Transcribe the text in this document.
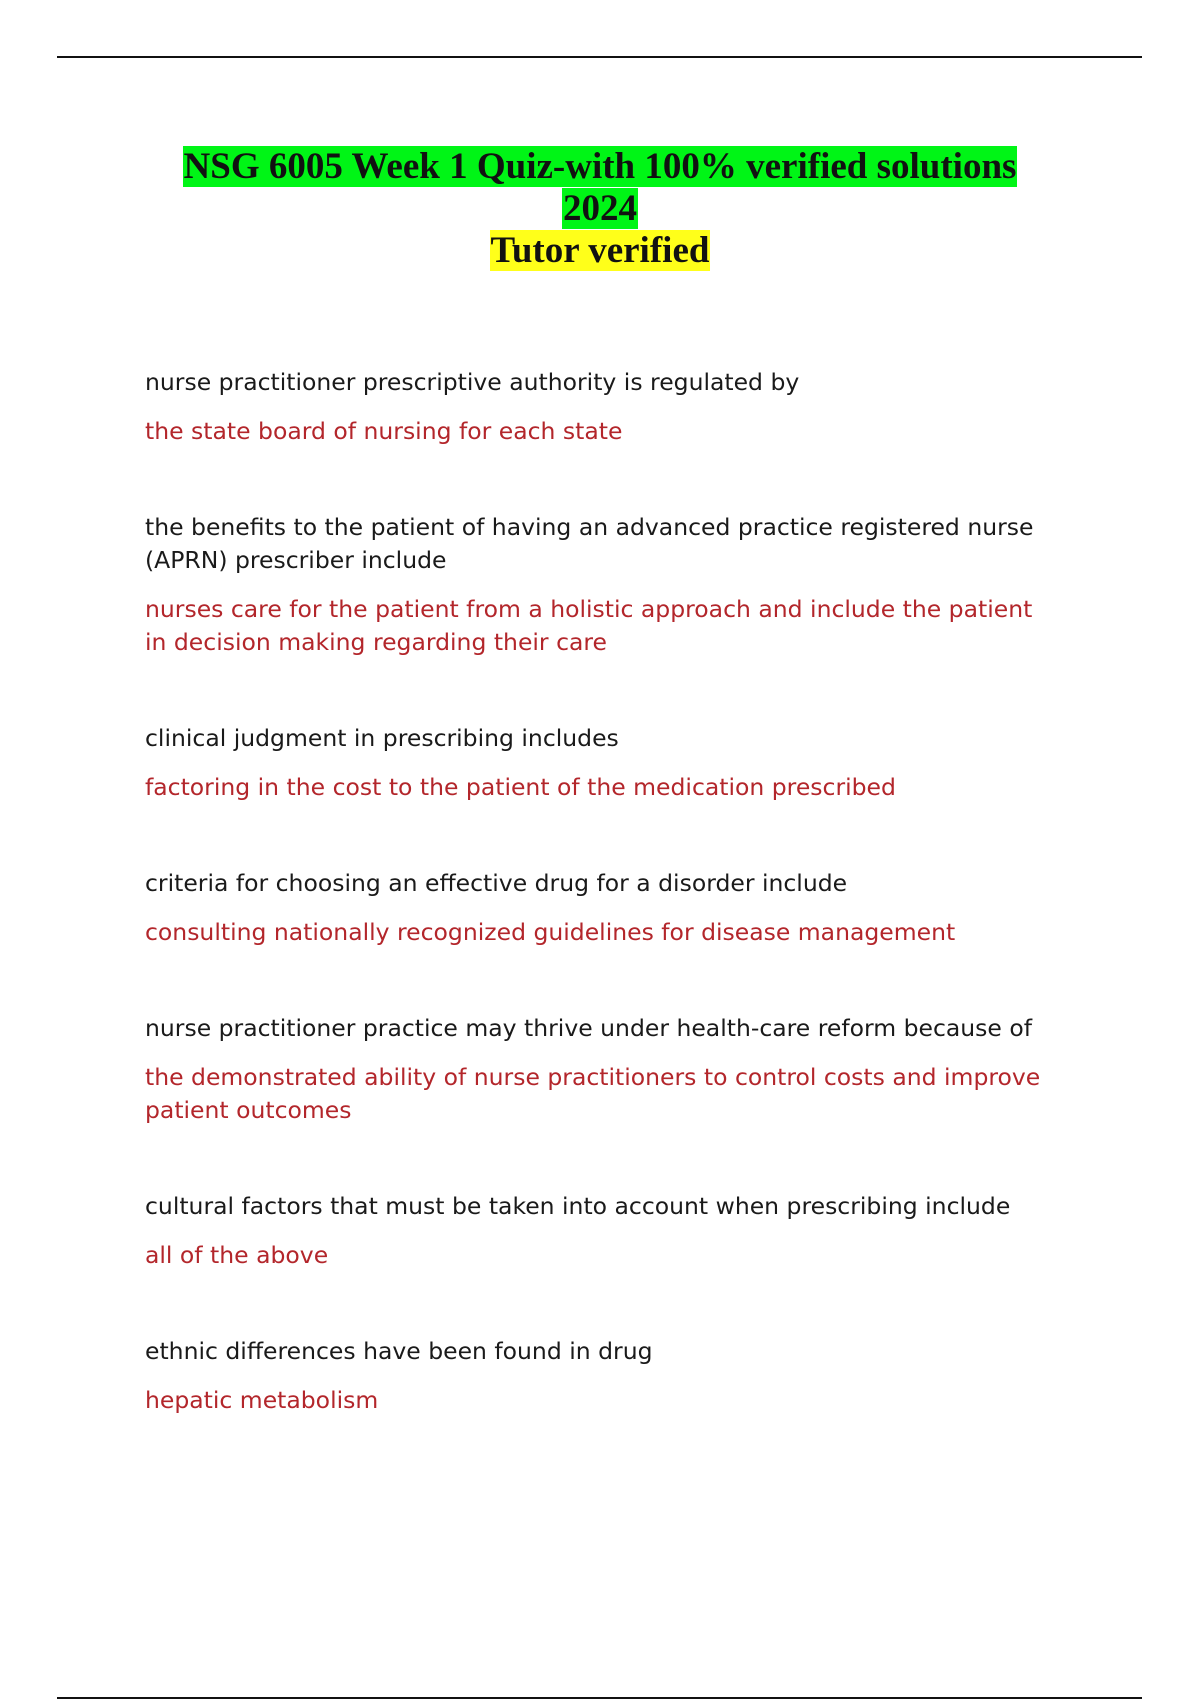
NSG 6005 Week 1 Quiz-with 100% verified solutions
2024
Tutor verified

nurse practitioner prescriptive authority is regulated by

the state board of nursing for each state

the benefits to the patient of having an advanced practice registered nurse (APRN) prescriber include

nurses care for the patient from a holistic approach and include the patient in decision making regarding their care

clinical judgment in prescribing includes

factoring in the cost to the patient of the medication prescribed

criteria for choosing an effective drug for a disorder include

consulting nationally recognized guidelines for disease management

nurse practitioner practice may thrive under health-care reform because of

the demonstrated ability of nurse practitioners to control costs and improve patient outcomes

cultural factors that must be taken into account when prescribing include

all of the above

ethnic differences have been found in drug

hepatic metabolism
